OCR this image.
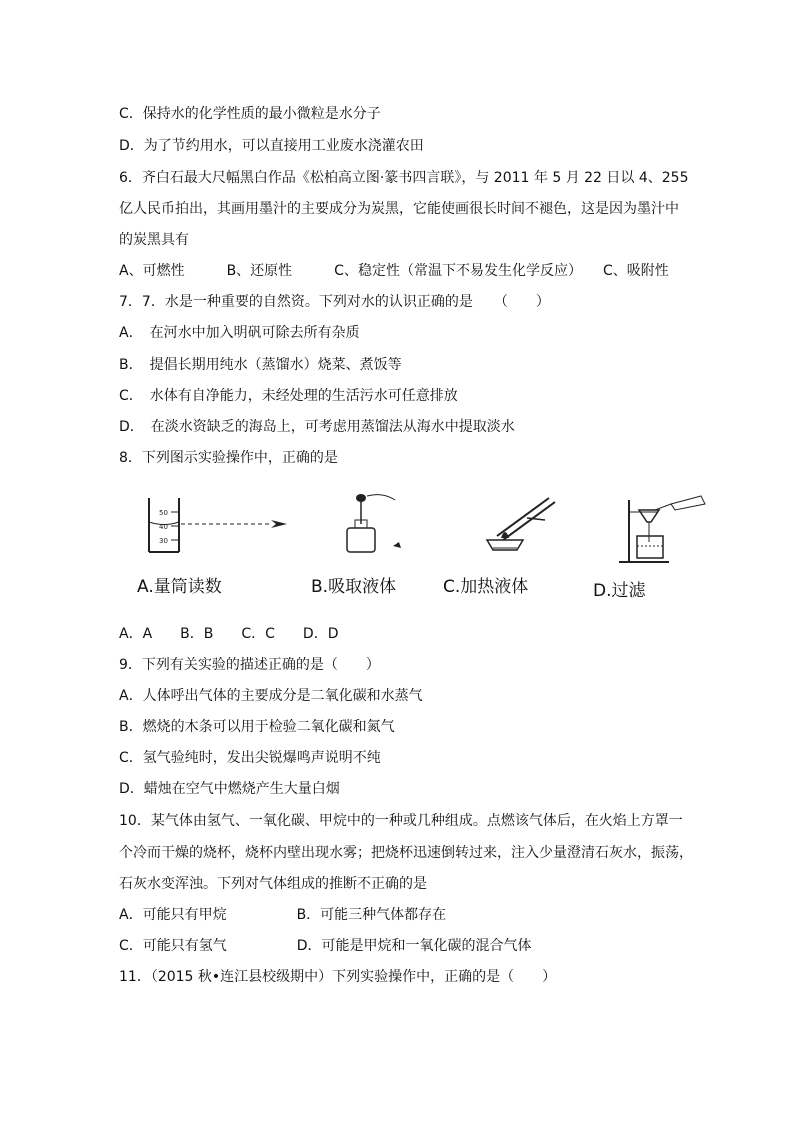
C．保持水的化学性质的最小微粒是水分子
D．为了节约用水，可以直接用工业废水浇灌农田
6．齐白石最大尺幅黑白作品《松柏高立图·篆书四言联》，与 2011 年 5 月 22 日以 4、255
亿人民币拍出，其画用墨汁的主要成分为炭黑，它能使画很长时间不褪色，这是因为墨汁中
的炭黑具有
A、可燃性　　　B、还原性　　　C、稳定性（常温下不易发生化学反应）　　C、吸附性
7．7．水是一种重要的自然资。下列对水的认识正确的是　　（　　）
A．　在河水中加入明矾可除去所有杂质
B．　提倡长期用纯水（蒸馏水）烧菜、煮饭等
C．　水体有自净能力，未经处理的生活污水可任意排放
D．　在淡水资缺乏的海岛上，可考虑用蒸馏法从海水中提取淡水
8．下列图示实验操作中，正确的是
50
40
30
A.量筒读数	B.吸取液体	C.加热液体	D.过滤
A．A　　B．B　　C．C　　D．D
9．下列有关实验的描述正确的是（　　）
A．人体呼出气体的主要成分是二氧化碳和水蒸气
B．燃烧的木条可以用于检验二氧化碳和氮气
C．氢气验纯时，发出尖锐爆鸣声说明不纯
D．蜡烛在空气中燃烧产生大量白烟
10．某气体由氢气、一氧化碳、甲烷中的一种或几种组成。点燃该气体后，在火焰上方罩一
个冷而干燥的烧杯，烧杯内壁出现水雾；把烧杯迅速倒转过来，注入少量澄清石灰水，振荡，
石灰水变浑浊。下列对气体组成的推断不正确的是
A．可能只有甲烷　　　　　B．可能三种气体都存在
C．可能只有氢气　　　　　D．可能是甲烷和一氧化碳的混合气体
11．（2015 秋•连江县校级期中）下列实验操作中，正确的是（　　）
